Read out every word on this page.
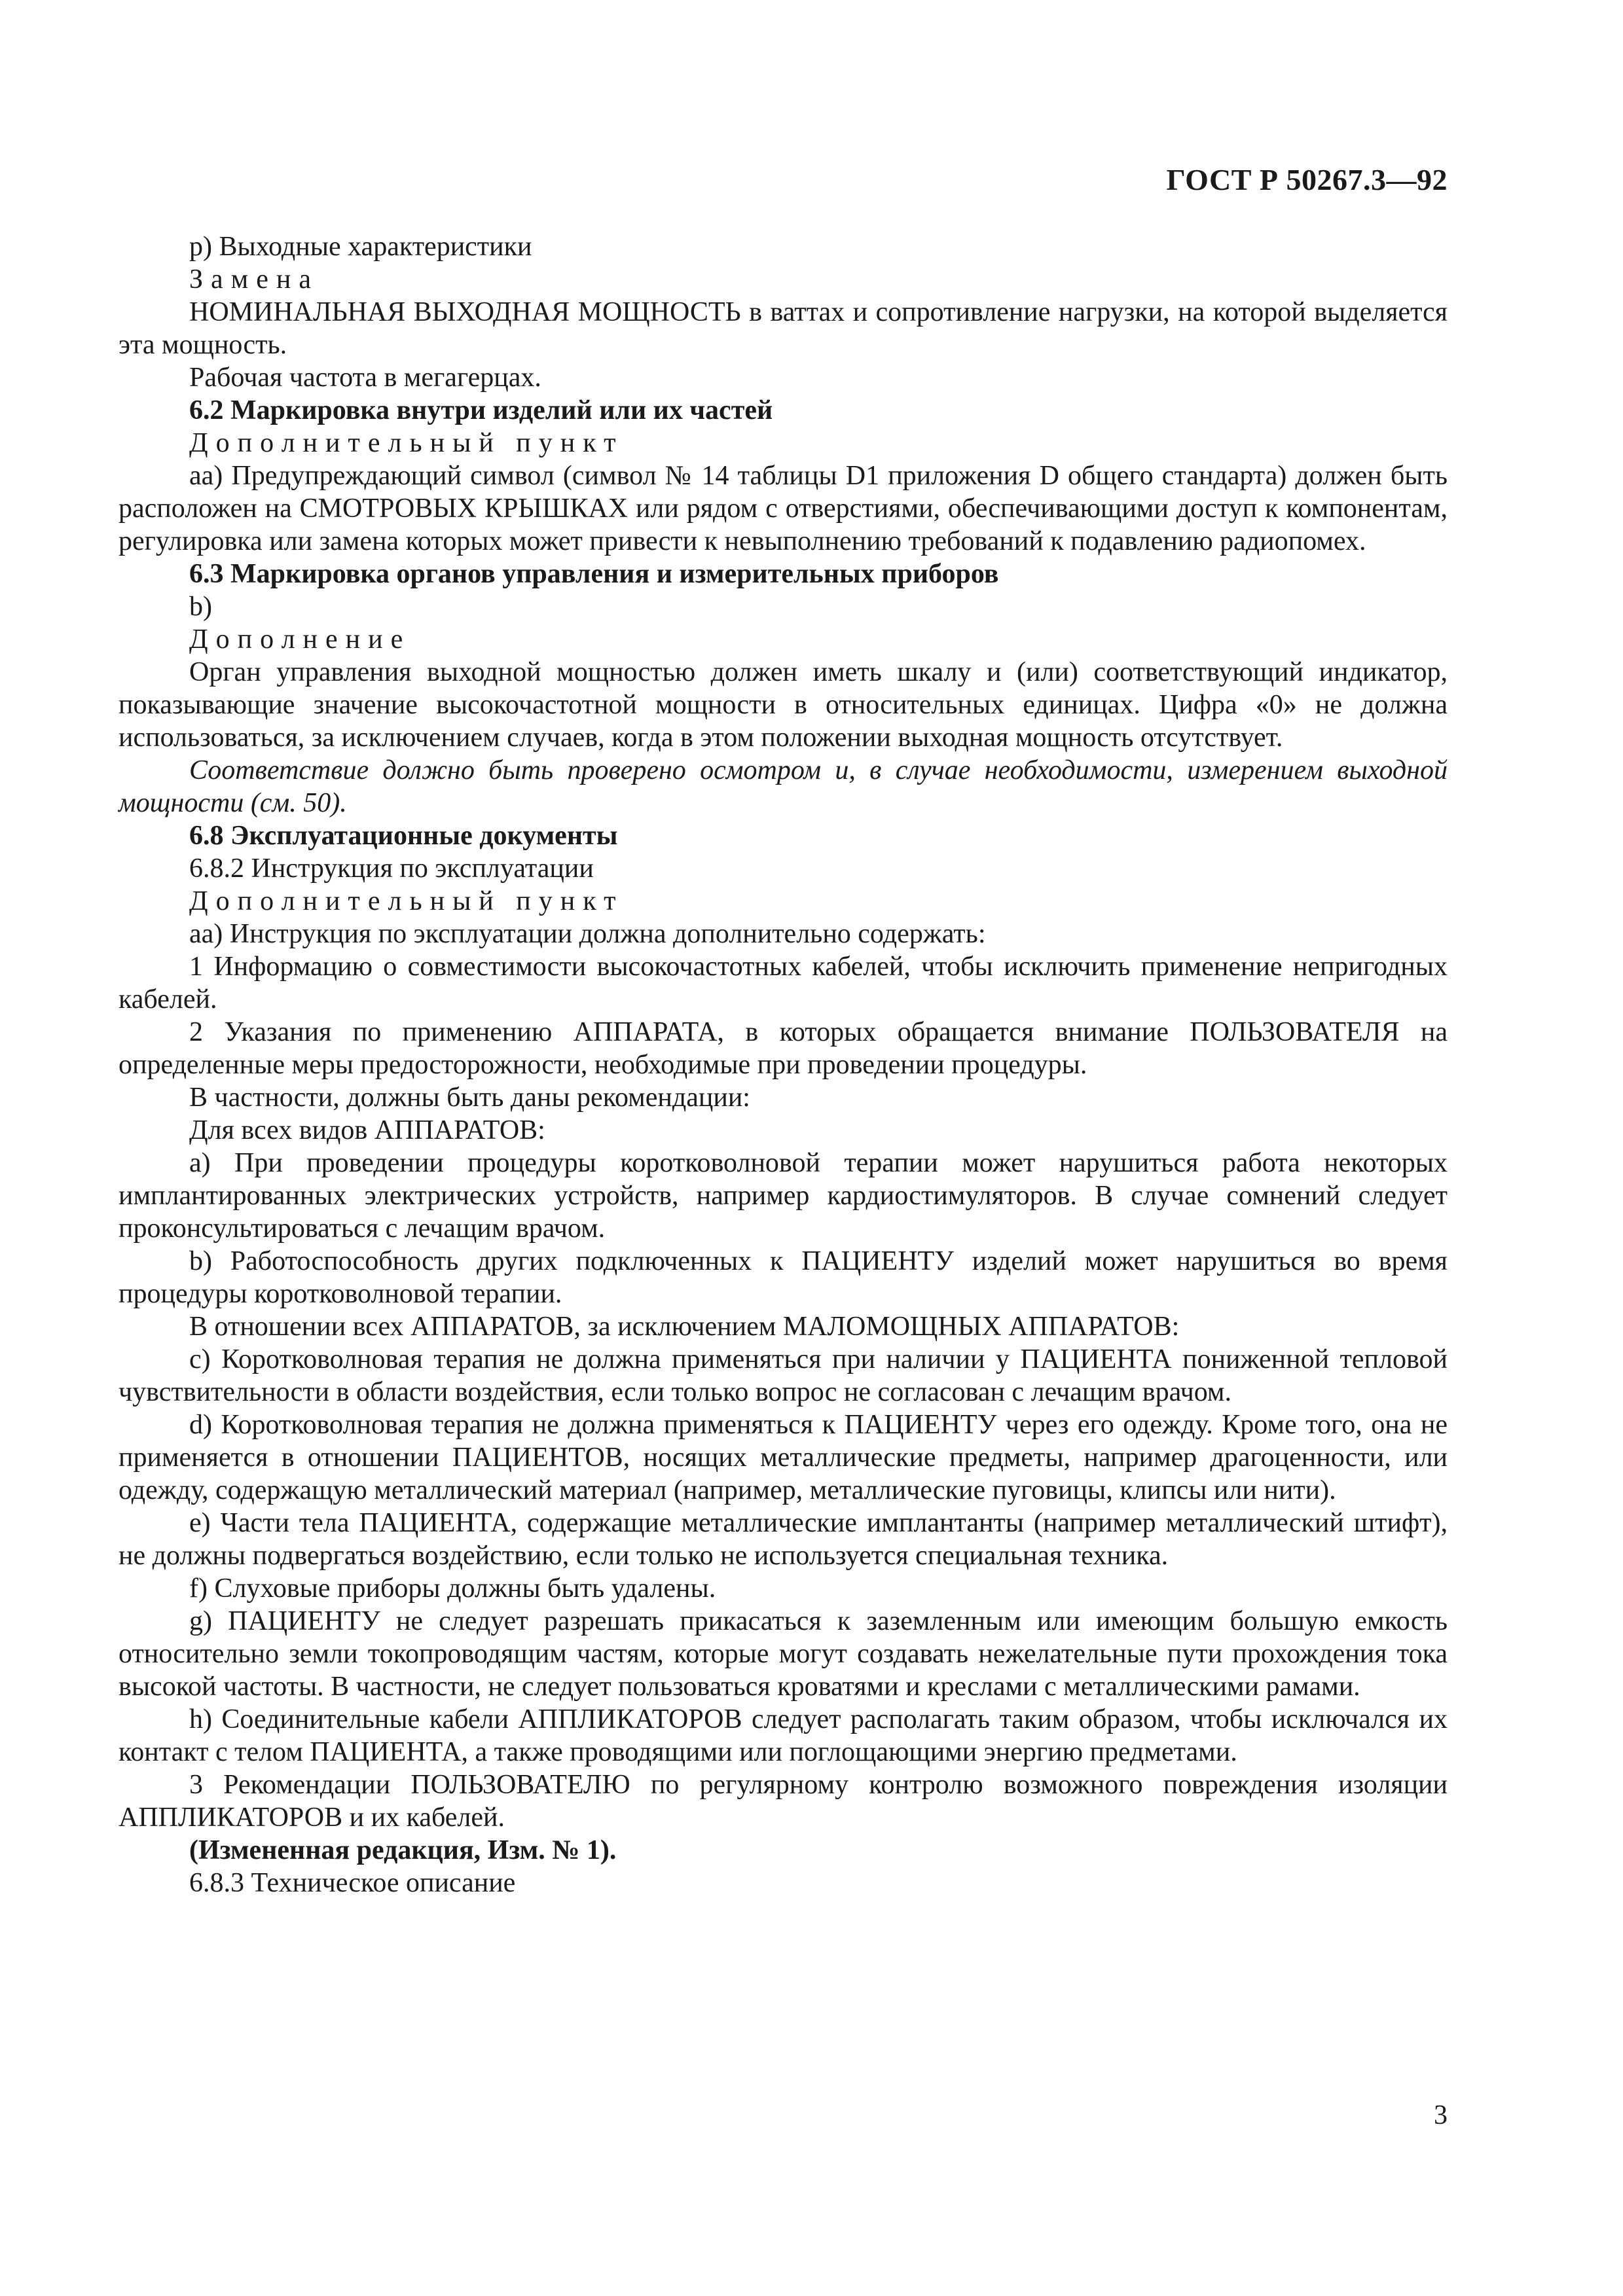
ГОСТ Р 50267.3—92

р) Выходные характеристики

Замена

НОМИНАЛЬНАЯ ВЫХОДНАЯ МОЩНОСТЬ в ваттах и сопротивление нагрузки, на которой выделяется эта мощность.

Рабочая частота в мегагерцах.

6.2 Маркировка внутри изделий или их частей

Дополнительный пункт

аа) Предупреждающий символ (символ № 14 таблицы D1 приложения D общего стандарта) должен быть расположен на СМОТРОВЫХ КРЫШКАХ или рядом с отверстиями, обеспечивающими доступ к компонентам, регулировка или замена которых может привести к невыполнению требований к подавлению радиопомех.

6.3 Маркировка органов управления и измерительных приборов

b)

Дополнение

Орган управления выходной мощностью должен иметь шкалу и (или) соответствующий индикатор, показывающие значение высокочастотной мощности в относительных единицах. Цифра «0» не должна использоваться, за исключением случаев, когда в этом положении выходная мощность отсутствует.

Соответствие должно быть проверено осмотром и, в случае необходимости, измерением выходной мощности (см. 50).

6.8 Эксплуатационные документы

6.8.2 Инструкция по эксплуатации

Дополнительный пункт

аа) Инструкция по эксплуатации должна дополнительно содержать:

1 Информацию о совместимости высокочастотных кабелей, чтобы исключить применение непригодных кабелей.

2 Указания по применению АППАРАТА, в которых обращается внимание ПОЛЬЗОВАТЕЛЯ на определенные меры предосторожности, необходимые при проведении процедуры.

В частности, должны быть даны рекомендации:

Для всех видов АППАРАТОВ:

a) При проведении процедуры коротковолновой терапии может нарушиться работа некоторых имплантированных электрических устройств, например кардиостимуляторов. В случае сомнений следует проконсультироваться с лечащим врачом.

b) Работоспособность других подключенных к ПАЦИЕНТУ изделий может нарушиться во время процедуры коротковолновой терапии.

В отношении всех АППАРАТОВ, за исключением МАЛОМОЩНЫХ АППАРАТОВ:

c) Коротковолновая терапия не должна применяться при наличии у ПАЦИЕНТА пониженной тепловой чувствительности в области воздействия, если только вопрос не согласован с лечащим врачом.

d) Коротковолновая терапия не должна применяться к ПАЦИЕНТУ через его одежду. Кроме того, она не применяется в отношении ПАЦИЕНТОВ, носящих металлические предметы, например драгоценности, или одежду, содержащую металлический материал (например, металлические пуговицы, клипсы или нити).

e) Части тела ПАЦИЕНТА, содержащие металлические имплантанты (например металлический штифт), не должны подвергаться воздействию, если только не используется специальная техника.

f) Слуховые приборы должны быть удалены.

g) ПАЦИЕНТУ не следует разрешать прикасаться к заземленным или имеющим большую емкость относительно земли токопроводящим частям, которые могут создавать нежелательные пути прохождения тока высокой частоты. В частности, не следует пользоваться кроватями и креслами с металлическими рамами.

h) Соединительные кабели АППЛИКАТОРОВ следует располагать таким образом, чтобы исключался их контакт с телом ПАЦИЕНТА, а также проводящими или поглощающими энергию предметами.

3 Рекомендации ПОЛЬЗОВАТЕЛЮ по регулярному контролю возможного повреждения изоляции АППЛИКАТОРОВ и их кабелей.

(Измененная редакция, Изм. № 1).

6.8.3 Техническое описание

3
